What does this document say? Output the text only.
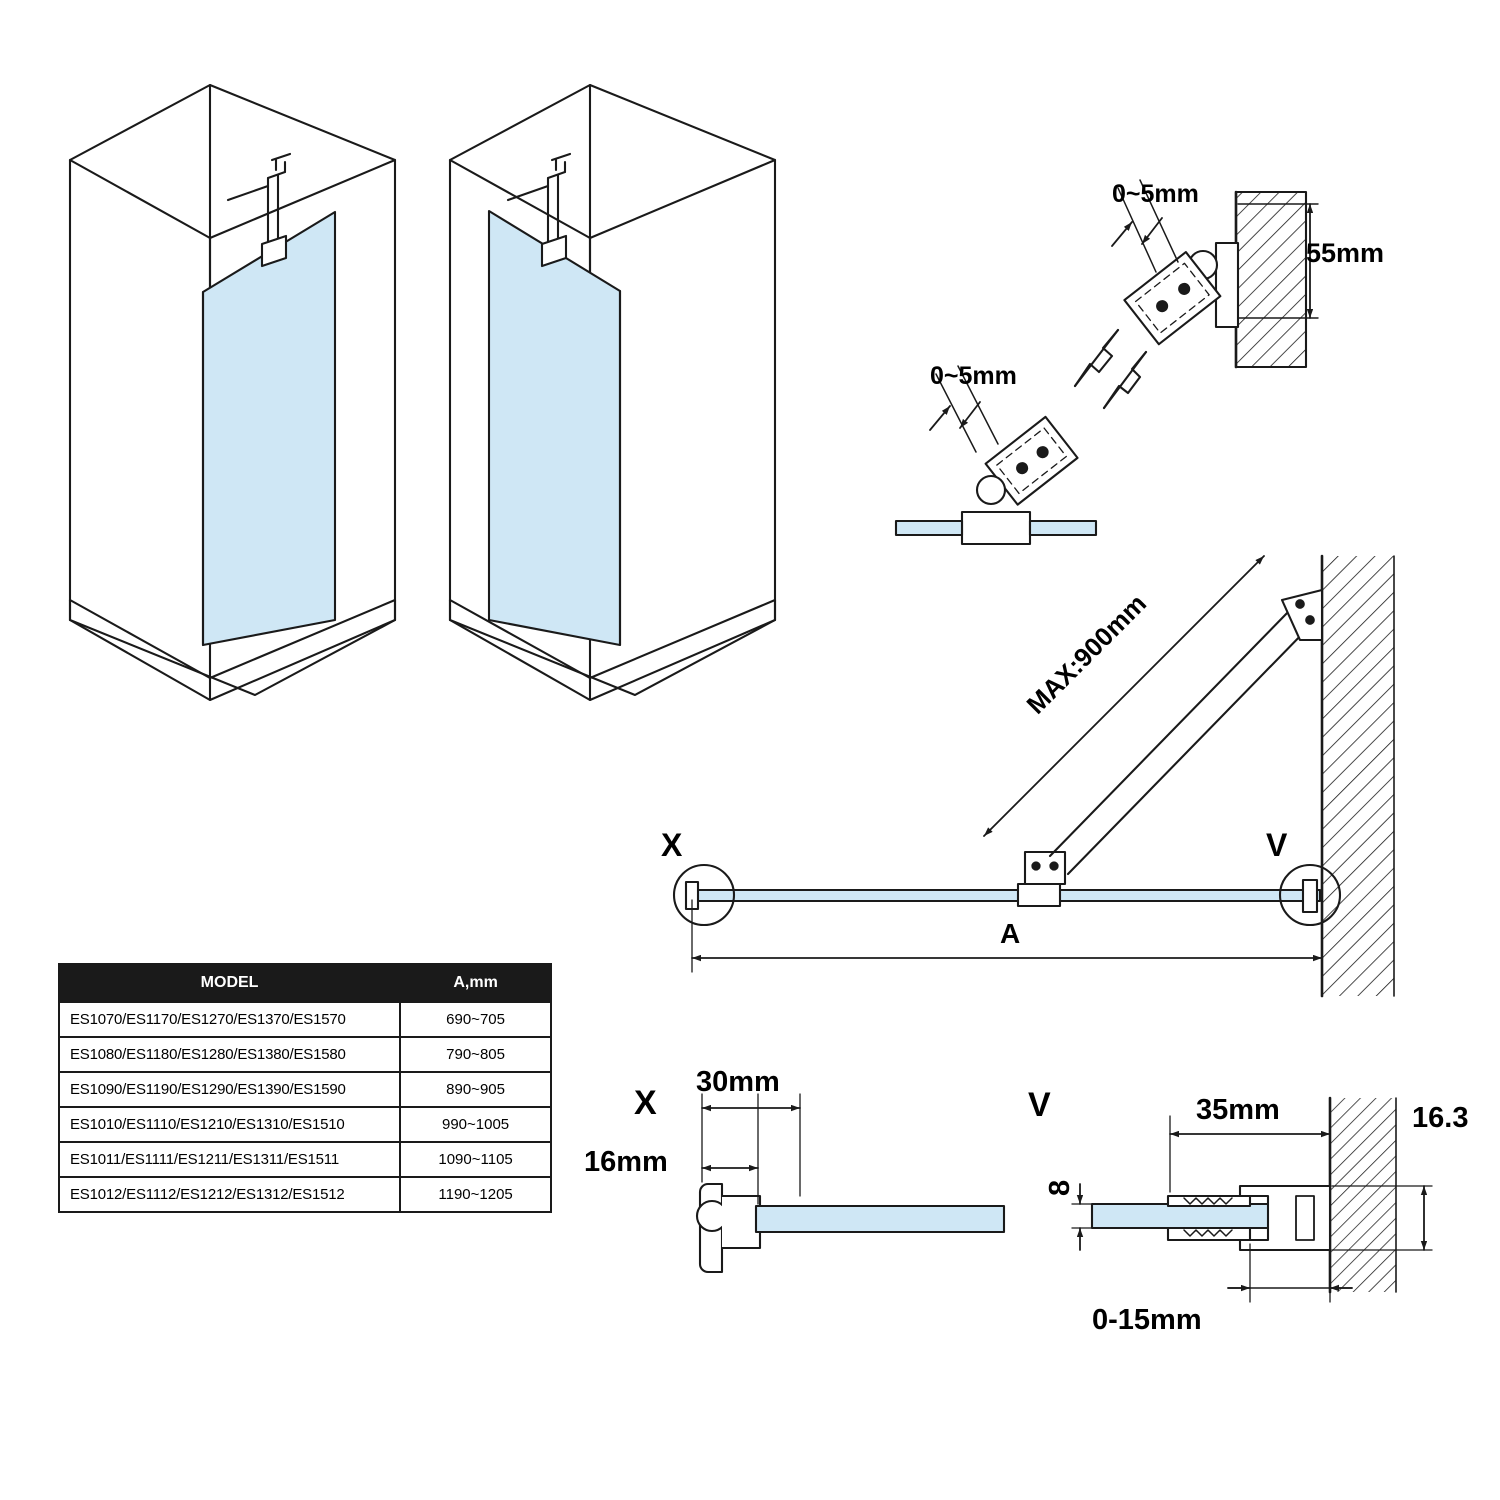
0~5mm
0~5mm
55mm
MAX:900mm
A
X	V
X
30mm
16mm
V	35mm	16.3
8
0-15mm
MODEL	A,mm
ES1070/ES1170/ES1270/ES1370/ES1570	690~705
ES1080/ES1180/ES1280/ES1380/ES1580	790~805
ES1090/ES1190/ES1290/ES1390/ES1590	890~905
ES1010/ES1110/ES1210/ES1310/ES1510	990~1005
ES1011/ES1111/ES1211/ES1311/ES1511	1090~1105
ES1012/ES1112/ES1212/ES1312/ES1512	1190~1205
